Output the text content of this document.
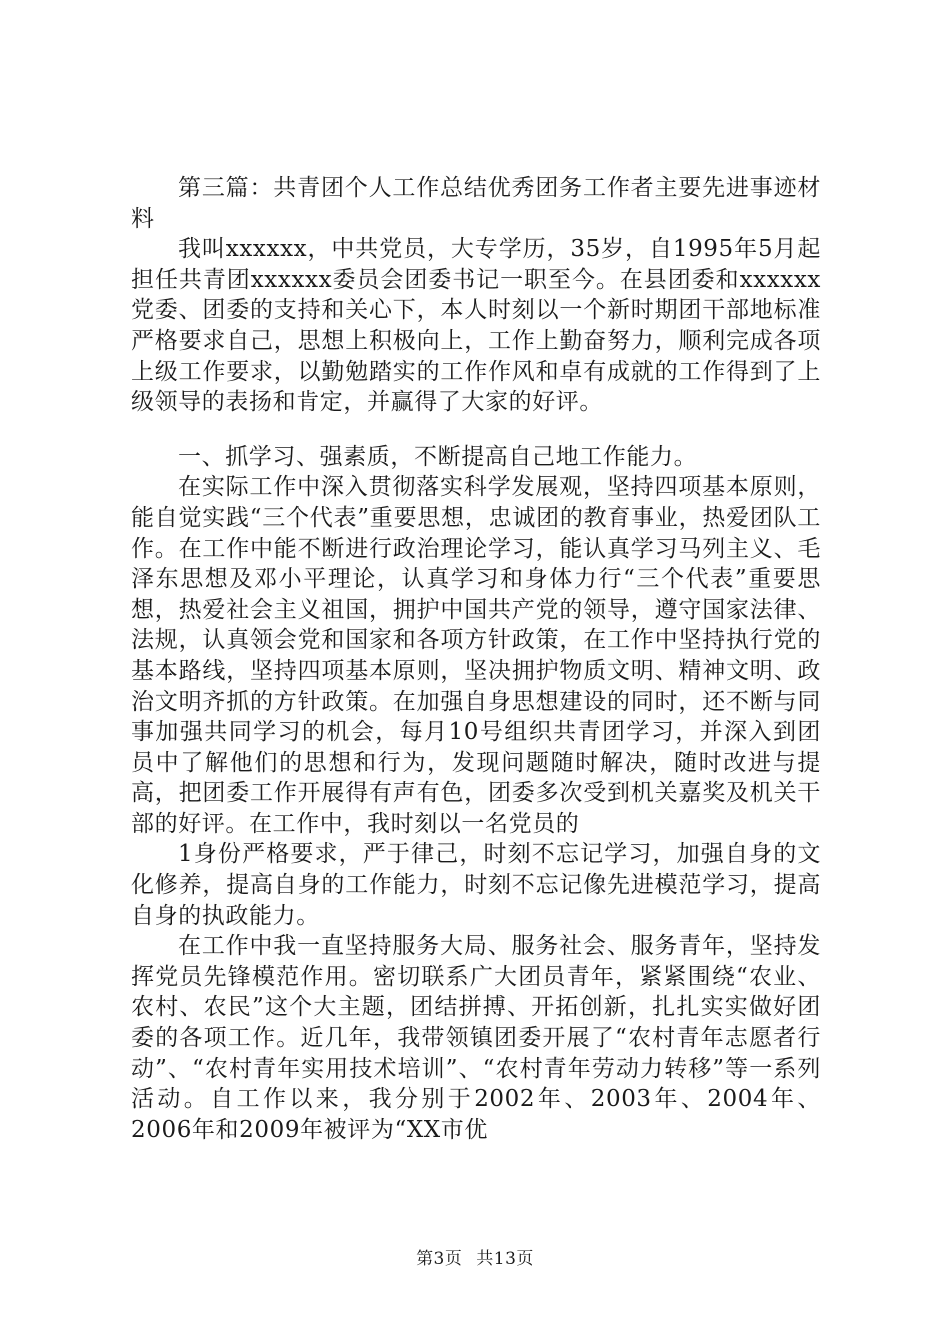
第三篇：共青团个人工作总结优秀团务工作者主要先进事迹材料

我叫xxxxxx，中共党员，大专学历，35岁，自1995年5月起担任共青团xxxxxx委员会团委书记一职至今。在县团委和xxxxxx党委、团委的支持和关心下，本人时刻以一个新时期团干部地标准严格要求自己，思想上积极向上，工作上勤奋努力，顺利完成各项上级工作要求，以勤勉踏实的工作作风和卓有成就的工作得到了上级领导的表扬和肯定，并赢得了大家的好评。

一、抓学习、强素质，不断提高自己地工作能力。

在实际工作中深入贯彻落实科学发展观，坚持四项基本原则，能自觉实践“三个代表”重要思想，忠诚团的教育事业，热爱团队工作。在工作中能不断进行政治理论学习，能认真学习马列主义、毛泽东思想及邓小平理论，认真学习和身体力行“三个代表”重要思想，热爱社会主义祖国，拥护中国共产党的领导，遵守国家法律、法规，认真领会党和国家和各项方针政策，在工作中坚持执行党的基本路线，坚持四项基本原则，坚决拥护物质文明、精神文明、政治文明齐抓的方针政策。在加强自身思想建设的同时，还不断与同事加强共同学习的机会，每月10号组织共青团学习，并深入到团员中了解他们的思想和行为，发现问题随时解决，随时改进与提高，把团委工作开展得有声有色，团委多次受到机关嘉奖及机关干部的好评。在工作中，我时刻以一名党员的

1身份严格要求，严于律己，时刻不忘记学习，加强自身的文化修养，提高自身的工作能力，时刻不忘记像先进模范学习，提高自身的执政能力。

在工作中我一直坚持服务大局、服务社会、服务青年，坚持发挥党员先锋模范作用。密切联系广大团员青年，紧紧围绕“农业、农村、农民”这个大主题，团结拼搏、开拓创新，扎扎实实做好团委的各项工作。近几年，我带领镇团委开展了“农村青年志愿者行动”、“农村青年实用技术培训”、“农村青年劳动力转移”等一系列活动。自工作以来，我分别于2002年、2003年、2004年、2006年和2009年被评为“XX市优

第3页 共13页
